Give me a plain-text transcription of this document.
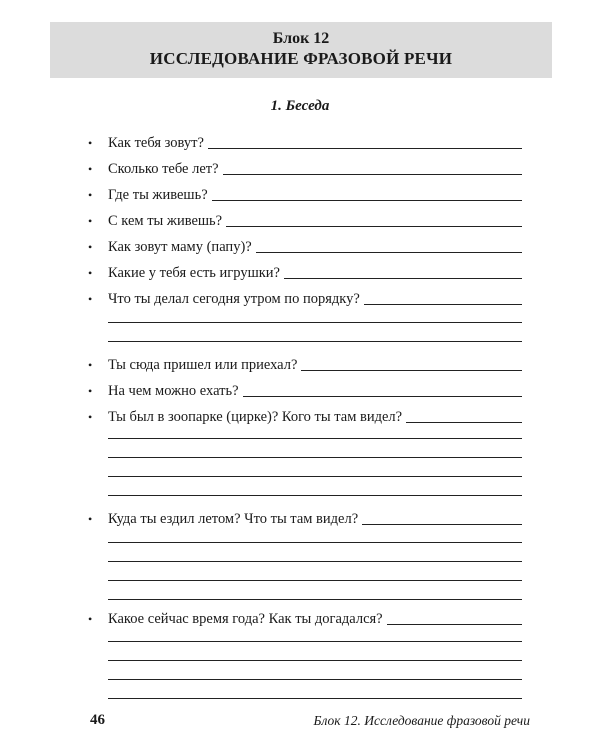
Блок 12
ИССЛЕДОВАНИЕ ФРАЗОВОЙ РЕЧИ
1. Беседа
•	Как тебя зовут?
•	Сколько тебе лет?
•	Где ты живешь?
•	С кем ты живешь?
•	Как зовут маму (папу)?
•	Какие у тебя есть игрушки?
•	Что ты делал сегодня утром по порядку?
•	Ты сюда пришел или приехал?
•	На чем можно ехать?
•	Ты был в зоопарке (цирке)? Кого ты там видел?
•	Куда ты ездил летом? Что ты там видел?
•	Какое сейчас время года? Как ты догадался?
46	Блок 12. Исследование фразовой речи
